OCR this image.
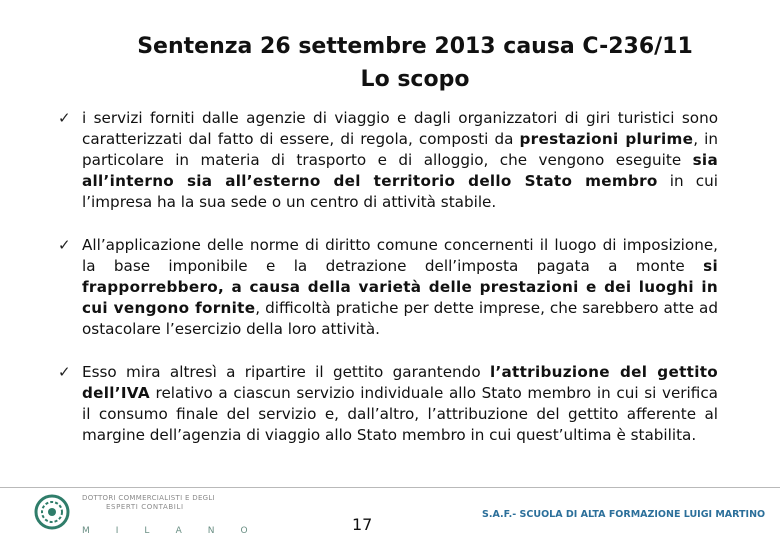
Sentenza 26 settembre 2013 causa C-236/11
Lo scopo
✓ i servizi forniti dalle agenzie di viaggio e dagli organizzatori di giri turistici sono caratterizzati dal fatto di essere, di regola, composti da prestazioni plurime, in particolare in materia di trasporto e di alloggio, che vengono eseguite sia all’interno sia all’esterno del territorio dello Stato membro in cui l’impresa ha la sua sede o un centro di attività stabile.
✓ All’applicazione delle norme di diritto comune concernenti il luogo di imposizione, la base imponibile e la detrazione dell’imposta pagata a monte si frapporrebbero, a causa della varietà delle prestazioni e dei luoghi in cui vengono fornite, difficoltà pratiche per dette imprese, che sarebbero atte ad ostacolare l’esercizio della loro attività.
✓ Esso mira altresì a ripartire il gettito garantendo l’attribuzione del gettito dell’IVA relativo a ciascun servizio individuale allo Stato membro in cui si verifica il consumo finale del servizio e, dall’altro, l’attribuzione del gettito afferente al margine dell’agenzia di viaggio allo Stato membro in cui quest’ultima è stabilita.
DOTTORI COMMERCIALISTI E DEGLI
ESPERTI CONTABILI
MILANO	17
S.A.F.- SCUOLA DI ALTA FORMAZIONE LUIGI MARTINO
